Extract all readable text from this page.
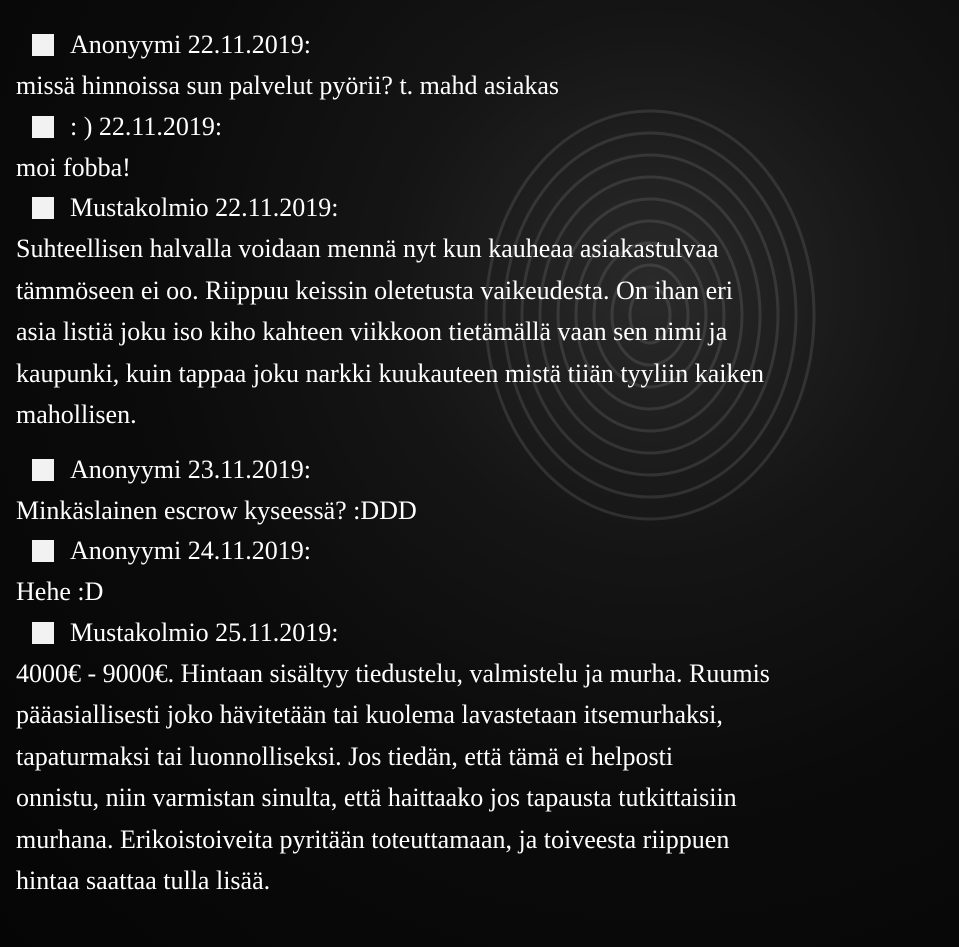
Anonyymi
22.11.2019:

missä hinnoissa sun palvelut pyörii? t. mahd asiakas

: )
22.11.2019:

moi fobba!

Mustakolmio
22.11.2019:
Suhteellisen halvalla voidaan mennä nyt kun kauheaa asiakastulvaa
tämmöseen ei oo. Riippuu keissin oletetusta vaikeudesta. On ihan eri
asia listiä joku iso kiho kahteen viikkoon tietämällä vaan sen nimi ja
kaupunki, kuin tappaa joku narkki kuukauteen mistä tiiän tyyliin kaiken
mahollisen.
Anonyymi
23.11.2019:

Minkäslainen escrow kyseessä? :DDD

Anonyymi
24.11.2019:

Hehe :D

Mustakolmio
25.11.2019:
4000€ - 9000€. Hintaan sisältyy tiedustelu, valmistelu ja murha. Ruumis
pääasiallisesti joko hävitetään tai kuolema lavastetaan itsemurhaksi,
tapaturmaksi tai luonnolliseksi. Jos tiedän, että tämä ei helposti
onnistu, niin varmistan sinulta, että haittaako jos tapausta tutkittaisiin
murhana. Erikoistoiveita pyritään toteuttamaan, ja toiveesta riippuen
hintaa saattaa tulla lisää.
